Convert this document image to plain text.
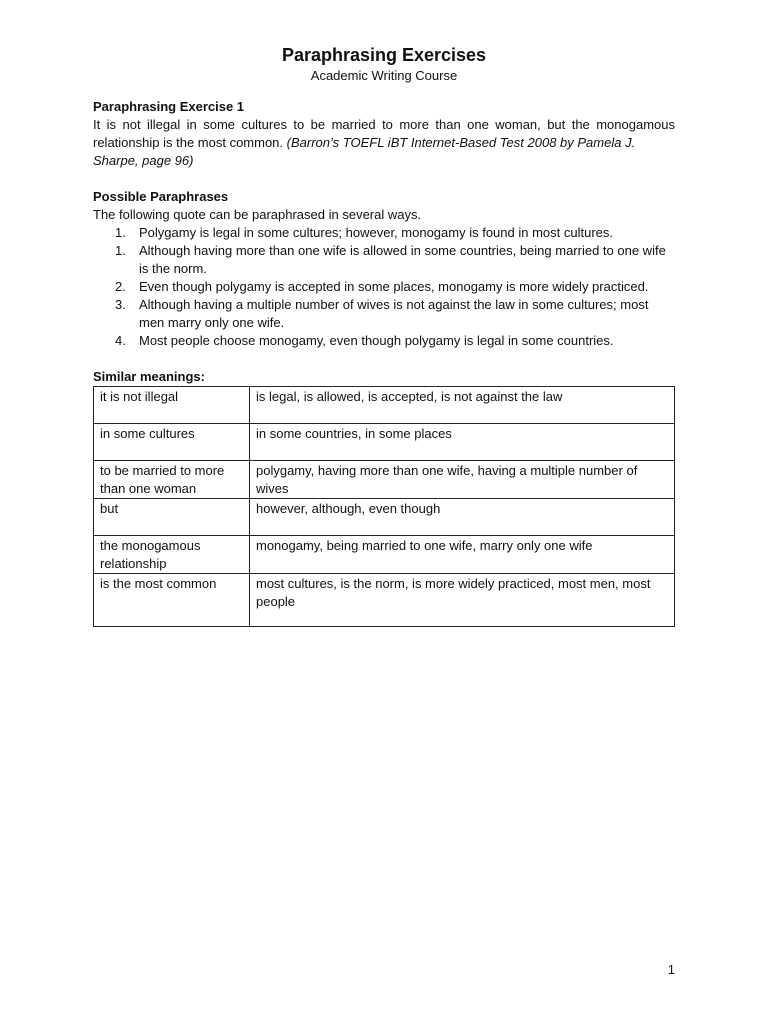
Paraphrasing Exercises
Academic Writing Course

Paraphrasing Exercise 1

It is not illegal in some cultures to be married to more than one woman, but the monogamous relationship is the most common. (Barron’s TOEFL iBT Internet-Based Test 2008 by Pamela J.

Sharpe, page 96)

Possible Paraphrases

The following quote can be paraphrased in several ways.

1. Polygamy is legal in some cultures; however, monogamy is found in most cultures.
1. Although having more than one wife is allowed in some countries, being married to one wife is the norm.
2. Even though polygamy is accepted in some places, monogamy is more widely practiced.
3. Although having a multiple number of wives is not against the law in some cultures; most men marry only one wife.
4. Most people choose monogamy, even though polygamy is legal in some countries.

Similar meanings:

it is not illegal	is legal, is allowed, is accepted, is not against the law
in some cultures	in some countries, in some places
to be married to more than one woman	polygamy, having more than one wife, having a multiple number of wives
but	however, although, even though
the monogamous relationship	monogamy, being married to one wife, marry only one wife
is the most common	most cultures, is the norm, is more widely practiced, most men, most people
1
